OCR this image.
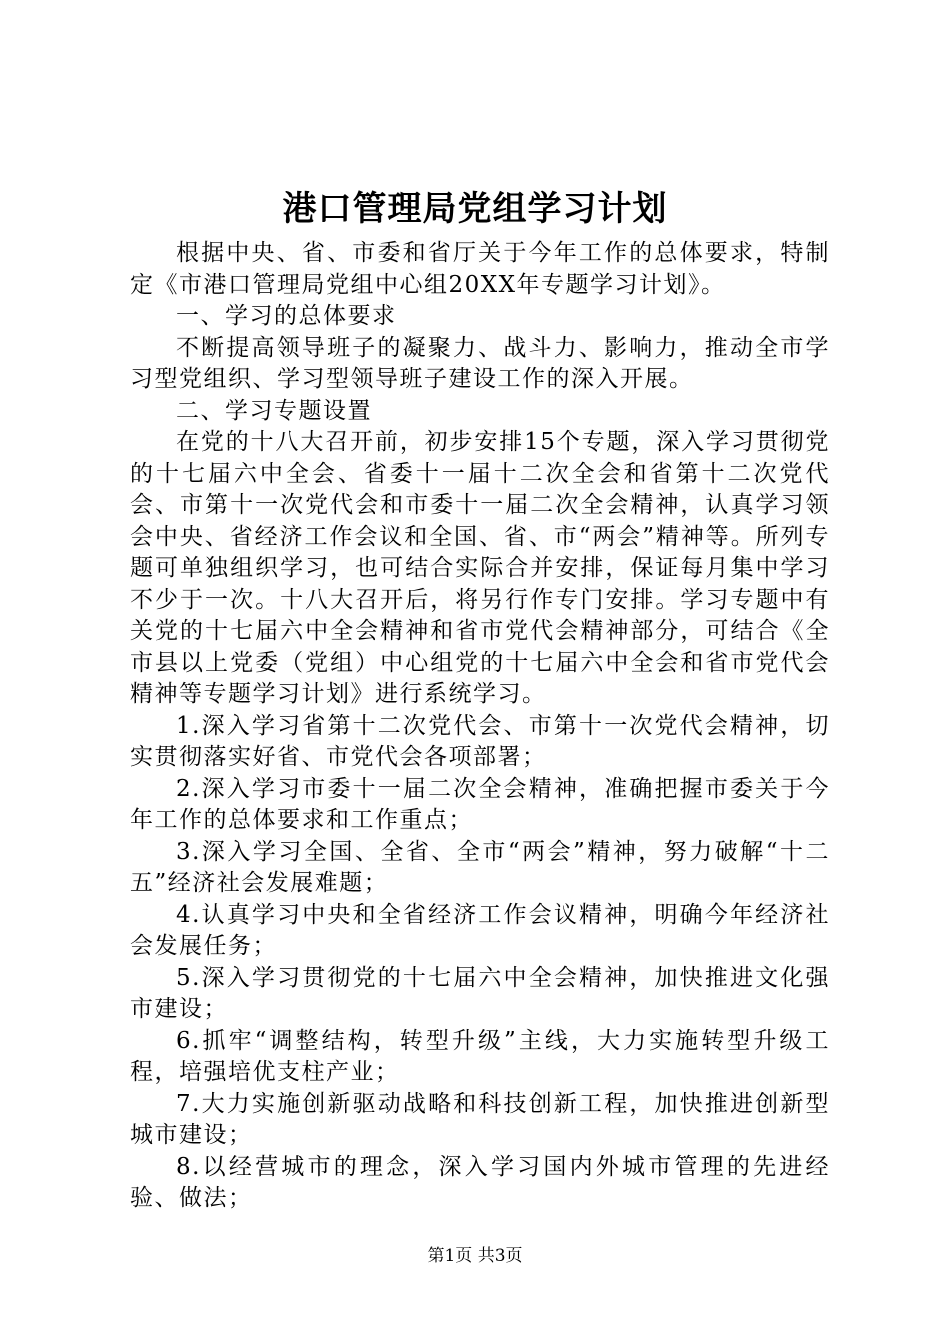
港口管理局党组学习计划

根据中央、省、市委和省厅关于今年工作的总体要求，特制定《市港口管理局党组中心组20XX年专题学习计划》。

一、学习的总体要求

不断提高领导班子的凝聚力、战斗力、影响力，推动全市学习型党组织、学习型领导班子建设工作的深入开展。

二、学习专题设置

在党的十八大召开前，初步安排15个专题，深入学习贯彻党的十七届六中全会、省委十一届十二次全会和省第十二次党代会、市第十一次党代会和市委十一届二次全会精神，认真学习领会中央、省经济工作会议和全国、省、市“两会”精神等。所列专题可单独组织学习，也可结合实际合并安排，保证每月集中学习不少于一次。十八大召开后，将另行作专门安排。学习专题中有关党的十七届六中全会精神和省市党代会精神部分，可结合《全市县以上党委（党组）中心组党的十七届六中全会和省市党代会精神等专题学习计划》进行系统学习。

1.深入学习省第十二次党代会、市第十一次党代会精神，切实贯彻落实好省、市党代会各项部署；

2.深入学习市委十一届二次全会精神，准确把握市委关于今年工作的总体要求和工作重点；

3.深入学习全国、全省、全市“两会”精神，努力破解“十二五”经济社会发展难题；

4.认真学习中央和全省经济工作会议精神，明确今年经济社会发展任务；

5.深入学习贯彻党的十七届六中全会精神，加快推进文化强市建设；

6.抓牢“调整结构，转型升级”主线，大力实施转型升级工程，培强培优支柱产业；

7.大力实施创新驱动战略和科技创新工程，加快推进创新型城市建设；

8.以经营城市的理念，深入学习国内外城市管理的先进经验、做法；

第1页 共3页
